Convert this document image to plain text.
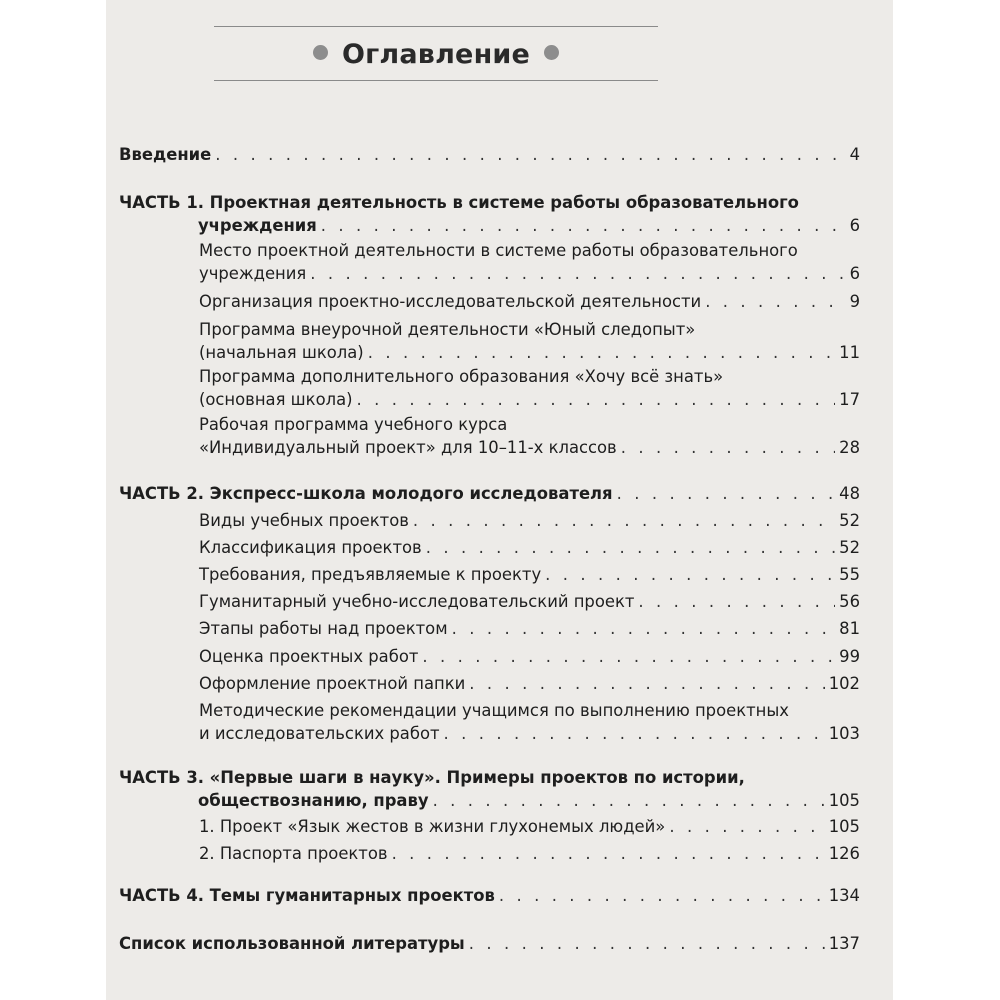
Оглавление
Введение . . .	4
ЧАСТЬ 1. Проектная деятельность в системе работы образовательного
учреждения . . .	6
Место проектной деятельности в системе работы образовательного
учреждения . . .	6
Организация проектно-исследовательской деятельности . . .	9
Программа внеурочной деятельности «Юный следопыт»
(начальная школа) . . .	11
Программа дополнительного образования «Хочу всё знать»
(основная школа) . . .	17
Рабочая программа учебного курса
«Индивидуальный проект» для 10–11-х классов . . .	28
ЧАСТЬ 2. Экспресс-школа молодого исследователя . . .	48
Виды учебных проектов . . .	52
Классификация проектов . . .	52
Требования, предъявляемые к проекту . . .	55
Гуманитарный учебно-исследовательский проект . . .	56
Этапы работы над проектом . . .	81
Оценка проектных работ . . .	99
Оформление проектной папки . . .	102
Методические рекомендации учащимся по выполнению проектных
и исследовательских работ . . .	103
ЧАСТЬ 3. «Первые шаги в науку». Примеры проектов по истории,
обществознанию, праву . . .	105
1. Проект «Язык жестов в жизни глухонемых людей» . . .	105
2. Паспорта проектов . . .	126
ЧАСТЬ 4. Темы гуманитарных проектов . . .	134
Список использованной литературы . . .	137
